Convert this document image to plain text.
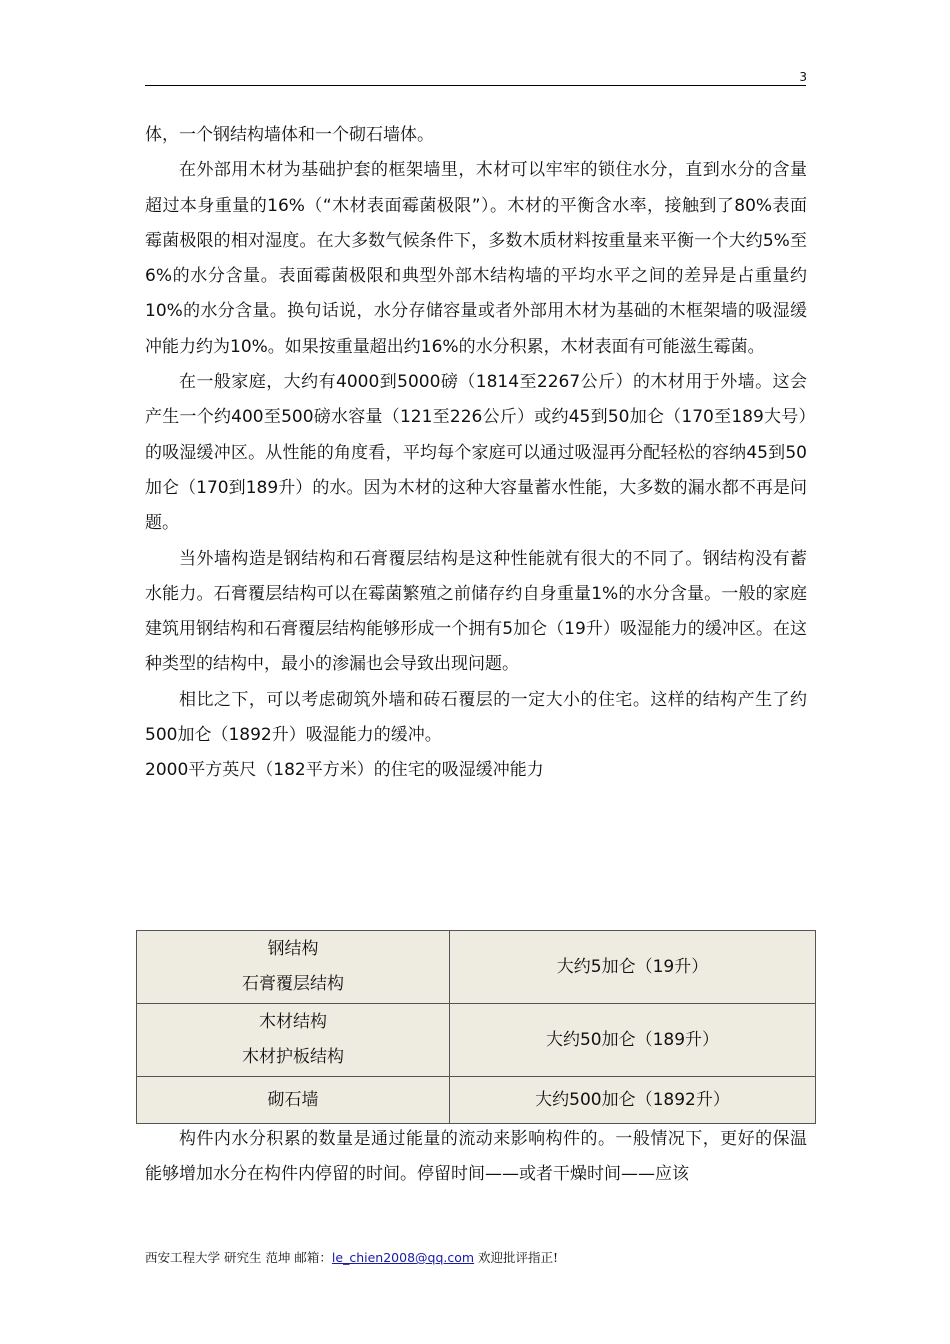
3

体，一个钢结构墙体和一个砌石墙体。

在外部用木材为基础护套的框架墙里，木材可以牢牢的锁住水分，直到水分的含量超过本身重量的16%（“木材表面霉菌极限”）。木材的平衡含水率，接触到了80%表面霉菌极限的相对湿度。在大多数气候条件下，多数木质材料按重量来平衡一个大约5%至6%的水分含量。表面霉菌极限和典型外部木结构墙的平均水平之间的差异是占重量约10%的水分含量。换句话说，水分存储容量或者外部用木材为基础的木框架墙的吸湿缓冲能力约为10%。如果按重量超出约16%的水分积累，木材表面有可能滋生霉菌。

在一般家庭，大约有4000到5000磅（1814至2267公斤）的木材用于外墙。这会产生一个约400至500磅水容量（121至226公斤）或约45到50加仑（170至189大号）的吸湿缓冲区。从性能的角度看，平均每个家庭可以通过吸湿再分配轻松的容纳45到50加仑（170到189升）的水。因为木材的这种大容量蓄水性能，大多数的漏水都不再是问题。

当外墙构造是钢结构和石膏覆层结构是这种性能就有很大的不同了。钢结构没有蓄水能力。石膏覆层结构可以在霉菌繁殖之前储存约自身重量1%的水分含量。一般的家庭建筑用钢结构和石膏覆层结构能够形成一个拥有5加仑（19升）吸湿能力的缓冲区。在这种类型的结构中，最小的渗漏也会导致出现问题。

相比之下，可以考虑砌筑外墙和砖石覆层的一定大小的住宅。这样的结构产生了约500加仑（1892升）吸湿能力的缓冲。

2000平方英尺（182平方米）的住宅的吸湿缓冲能力

钢结构
石膏覆层结构	大约5加仑（19升）

木材结构
木材护板结构	大约50加仑（189升）

砌石墙	大约500加仑（1892升）

构件内水分积累的数量是通过能量的流动来影响构件的。一般情况下，更好的保温能够增加水分在构件内停留的时间。停留时间——或者干燥时间——应该

西安工程大学 研究生 范坤 邮箱：le_chien2008@qq.com 欢迎批评指正!
